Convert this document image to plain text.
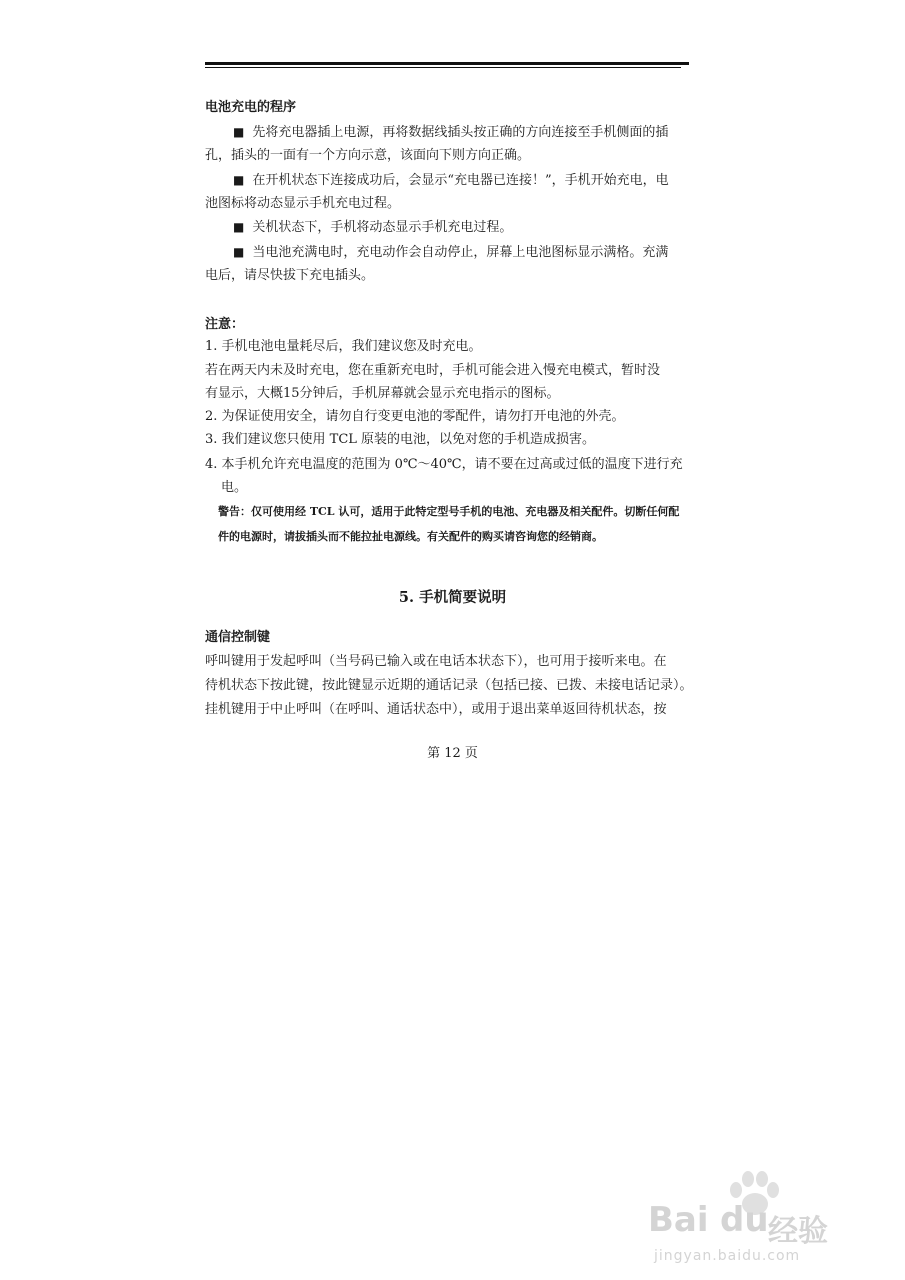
电池充电的程序
■ 先将充电器插上电源，再将数据线插头按正确的方向连接至手机侧面的插
孔，插头的一面有一个方向示意，该面向下则方向正确。
■ 在开机状态下连接成功后，会显示“充电器已连接！”，手机开始充电，电
池图标将动态显示手机充电过程。
■ 关机状态下，手机将动态显示手机充电过程。
■ 当电池充满电时，充电动作会自动停止，屏幕上电池图标显示满格。充满
电后，请尽快拔下充电插头。
注意：
1. 手机电池电量耗尽后，我们建议您及时充电。
若在两天内未及时充电，您在重新充电时，手机可能会进入慢充电模式，暂时没
有显示，大概15分钟后，手机屏幕就会显示充电指示的图标。
2. 为保证使用安全，请勿自行变更电池的零配件，请勿打开电池的外壳。
3. 我们建议您只使用 TCL 原装的电池，以免对您的手机造成损害。
4. 本手机允许充电温度的范围为 0℃～40℃，请不要在过高或过低的温度下进行充
电。
警告：仅可使用经 TCL 认可，适用于此特定型号手机的电池、充电器及相关配件。切断任何配
件的电源时，请拔插头而不能拉扯电源线。有关配件的购买请咨询您的经销商。
5. 手机简要说明
通信控制键
呼叫键用于发起呼叫（当号码已输入或在电话本状态下），也可用于接听来电。在
待机状态下按此键，按此键显示近期的通话记录（包括已接、已拨、未接电话记录）。
挂机键用于中止呼叫（在呼叫、通话状态中），或用于退出菜单返回待机状态，按
第 12 页
Bai du 经验
jingyan.baidu.com
